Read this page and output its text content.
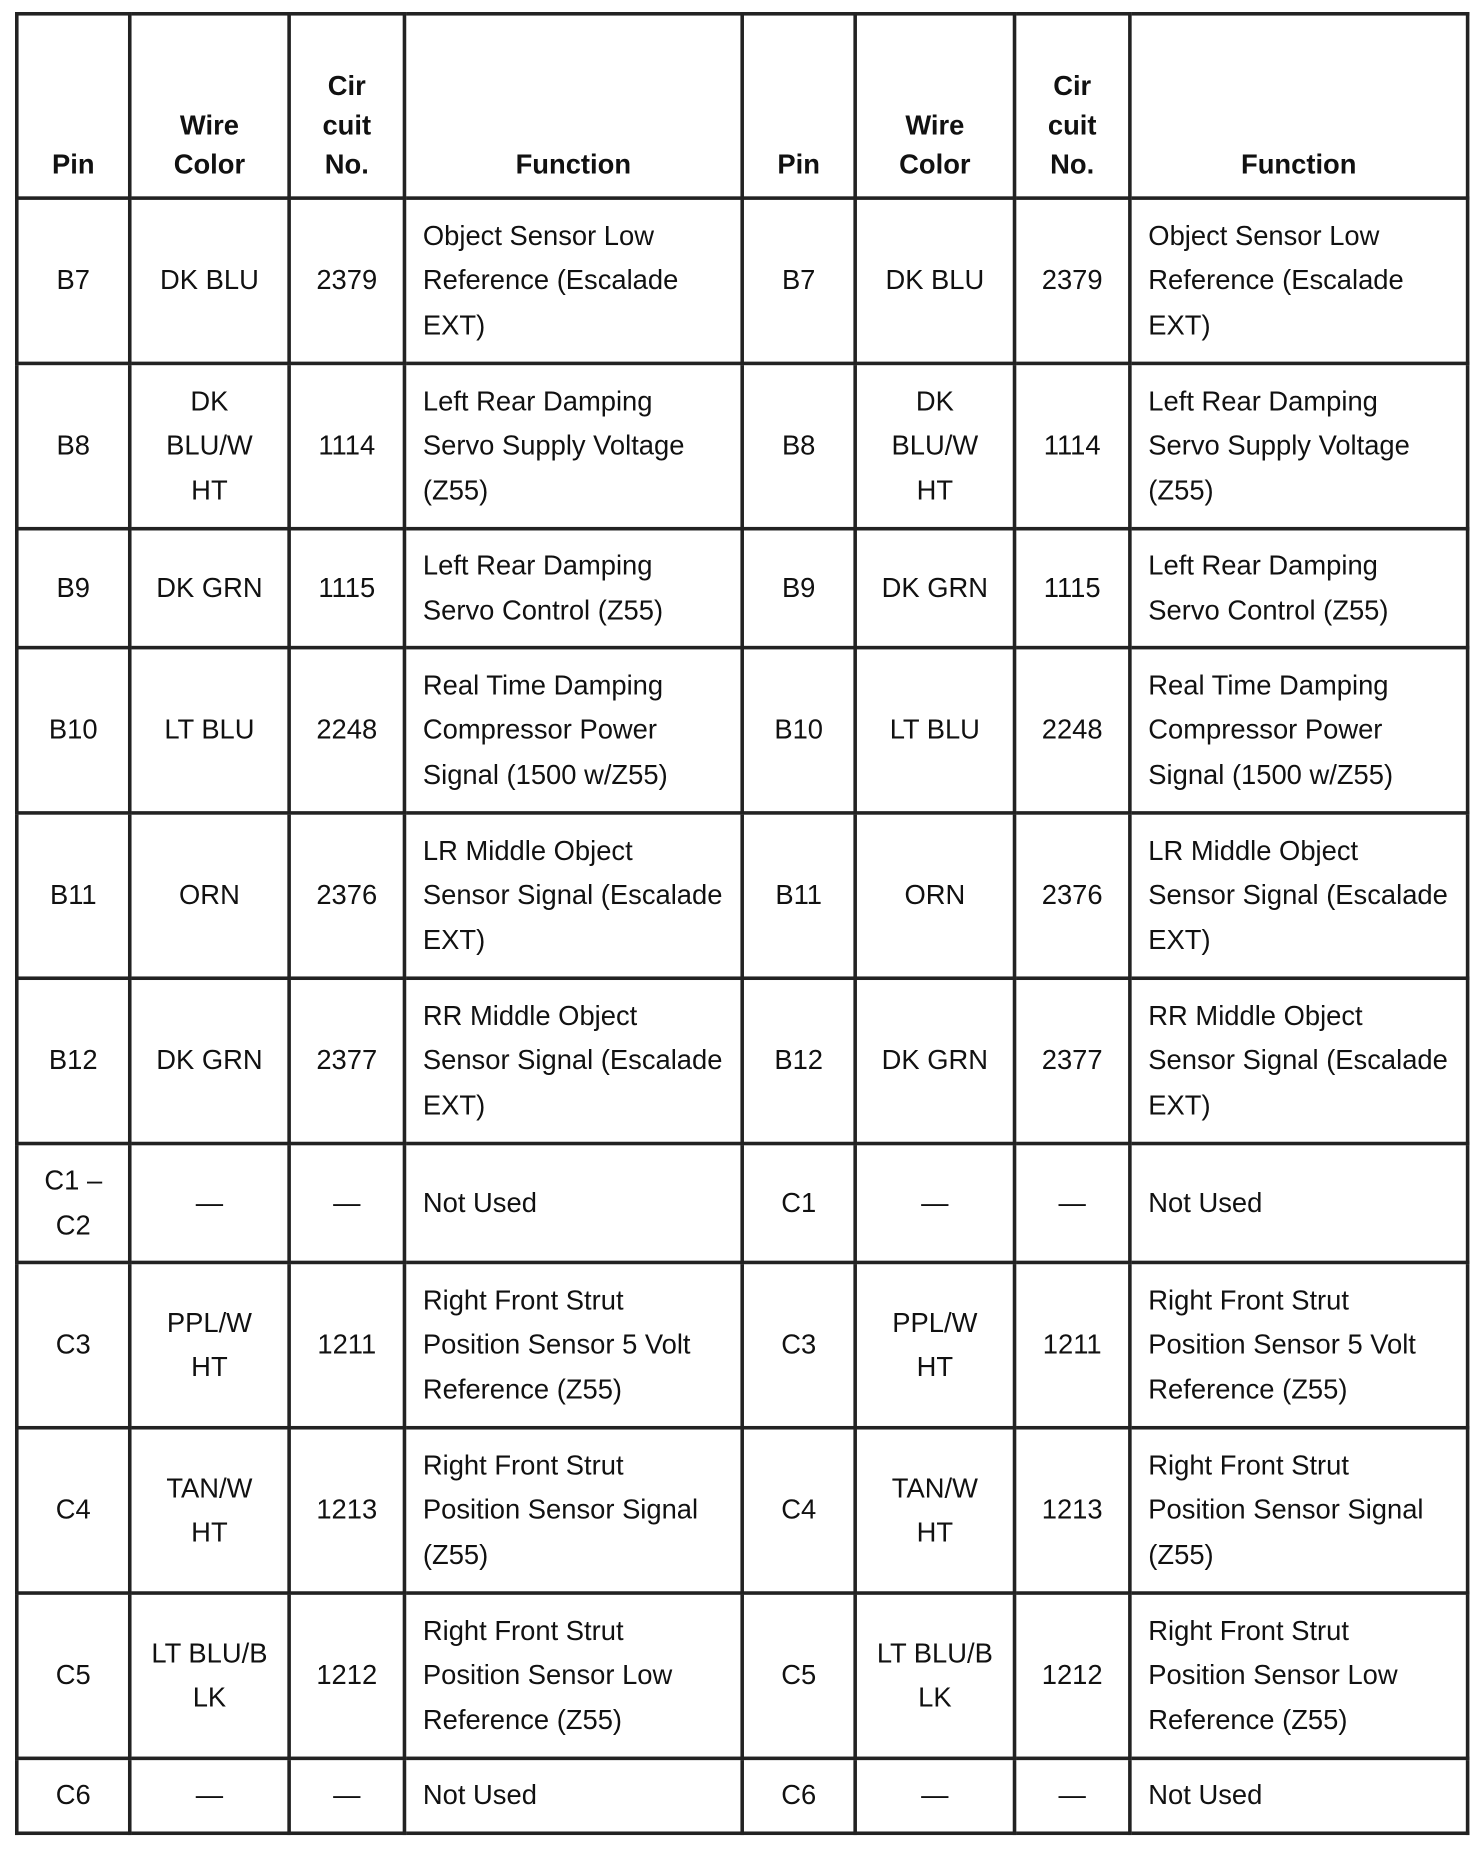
Pin	Wire Color	Cir cuit No.	Function	Pin	Wire Color	Cir cuit No.	Function
B7	DK BLU	2379	Object Sensor Low Reference (Escalade EXT)	B7	DK BLU	2379	Object Sensor Low Reference (Escalade EXT)
B8	DK BLU/W HT	1114	Left Rear Damping Servo Supply Voltage (Z55)	B8	DK BLU/W HT	1114	Left Rear Damping Servo Supply Voltage (Z55)
B9	DK GRN	1115	Left Rear Damping Servo Control (Z55)	B9	DK GRN	1115	Left Rear Damping Servo Control (Z55)
B10	LT BLU	2248	Real Time Damping Compressor Power Signal (1500 w/Z55)	B10	LT BLU	2248	Real Time Damping Compressor Power Signal (1500 w/Z55)
B11	ORN	2376	LR Middle Object Sensor Signal (Escalade EXT)	B11	ORN	2376	LR Middle Object Sensor Signal (Escalade EXT)
B12	DK GRN	2377	RR Middle Object Sensor Signal (Escalade EXT)	B12	DK GRN	2377	RR Middle Object Sensor Signal (Escalade EXT)
C1 – C2	—	—	Not Used	C1	—	—	Not Used
C3	PPL/W HT	1211	Right Front Strut Position Sensor 5 Volt Reference (Z55)	C3	PPL/W HT	1211	Right Front Strut Position Sensor 5 Volt Reference (Z55)
C4	TAN/W HT	1213	Right Front Strut Position Sensor Signal (Z55)	C4	TAN/W HT	1213	Right Front Strut Position Sensor Signal (Z55)
C5	LT BLU/B LK	1212	Right Front Strut Position Sensor Low Reference (Z55)	C5	LT BLU/B LK	1212	Right Front Strut Position Sensor Low Reference (Z55)
C6	—	—	Not Used	C6	—	—	Not Used
